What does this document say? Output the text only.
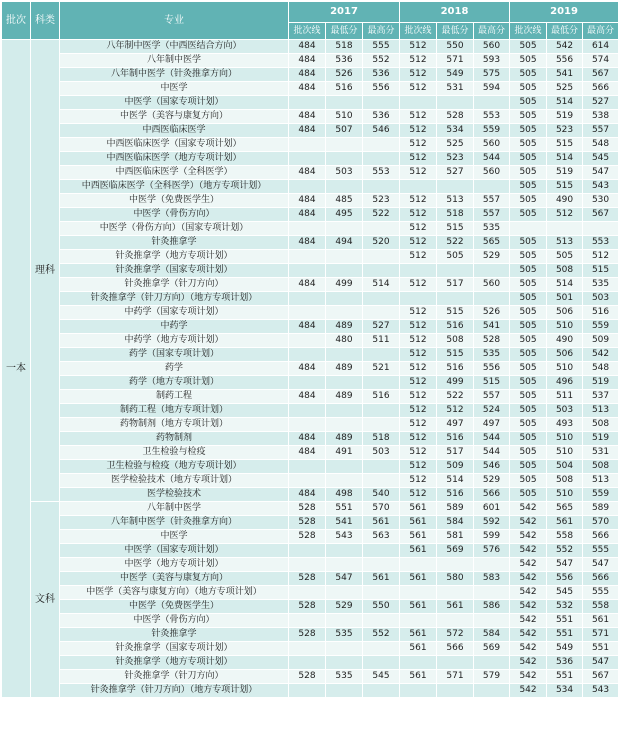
批次	科类	专业	2017			2018			2019		
			批次线	最低分	最高分	批次线	最低分	最高分	批次线	最低分	最高分
一本	理科	八年制中医学（中西医结合方向）	484	518	555	512	550	560	505	542	614
		八年制中医学	484	536	552	512	571	593	505	556	574
		八年制中医学（针灸推拿方向）	484	526	536	512	549	575	505	541	567
		中医学	484	516	556	512	531	594	505	525	566
		中医学（国家专项计划）							505	514	527
		中医学（美容与康复方向）	484	510	536	512	528	553	505	519	538
		中西医临床医学	484	507	546	512	534	559	505	523	557
		中西医临床医学（国家专项计划）				512	525	560	505	515	548
		中西医临床医学（地方专项计划）				512	523	544	505	514	545
		中西医临床医学（全科医学）	484	503	553	512	527	560	505	519	547
		中西医临床医学（全科医学）（地方专项计划）							505	515	543
		中医学（免费医学生）	484	485	523	512	513	557	505	490	530
		中医学（骨伤方向）	484	495	522	512	518	557	505	512	567
		中医学（骨伤方向）（国家专项计划）				512	515	535			
		针灸推拿学	484	494	520	512	522	565	505	513	553
		针灸推拿学（地方专项计划）				512	505	529	505	505	512
		针灸推拿学（国家专项计划）							505	508	515
		针灸推拿学（针刀方向）	484	499	514	512	517	560	505	514	535
		针灸推拿学（针刀方向）（地方专项计划）							505	501	503
		中药学（国家专项计划）				512	515	526	505	506	516
		中药学	484	489	527	512	516	541	505	510	559
		中药学（地方专项计划）		480	511	512	508	528	505	490	509
		药学（国家专项计划）				512	515	535	505	506	542
		药学	484	489	521	512	516	556	505	510	548
		药学（地方专项计划）				512	499	515	505	496	519
		制药工程	484	489	516	512	522	557	505	511	537
		制药工程（地方专项计划）				512	512	524	505	503	513
		药物制剂（地方专项计划）				512	497	497	505	493	508
		药物制剂	484	489	518	512	516	544	505	510	519
		卫生检验与检疫	484	491	503	512	517	544	505	510	531
		卫生检验与检疫（地方专项计划）				512	509	546	505	504	508
		医学检验技术（地方专项计划）				512	514	529	505	508	513
		医学检验技术	484	498	540	512	516	566	505	510	559
	文科	八年制中医学	528	551	570	561	589	601	542	565	589
		八年制中医学（针灸推拿方向）	528	541	561	561	584	592	542	561	570
		中医学	528	543	563	561	581	599	542	558	566
		中医学（国家专项计划）				561	569	576	542	552	555
		中医学（地方专项计划）							542	547	547
		中医学（美容与康复方向）	528	547	561	561	580	583	542	556	566
		中医学（美容与康复方向）（地方专项计划）							542	545	555
		中医学（免费医学生）	528	529	550	561	561	586	542	532	558
		中医学（骨伤方向）							542	551	561
		针灸推拿学	528	535	552	561	572	584	542	551	571
		针灸推拿学（国家专项计划）				561	566	569	542	549	551
		针灸推拿学（地方专项计划）							542	536	547
		针灸推拿学（针刀方向）	528	535	545	561	571	579	542	551	567
		针灸推拿学（针刀方向）（地方专项计划）							542	534	543
